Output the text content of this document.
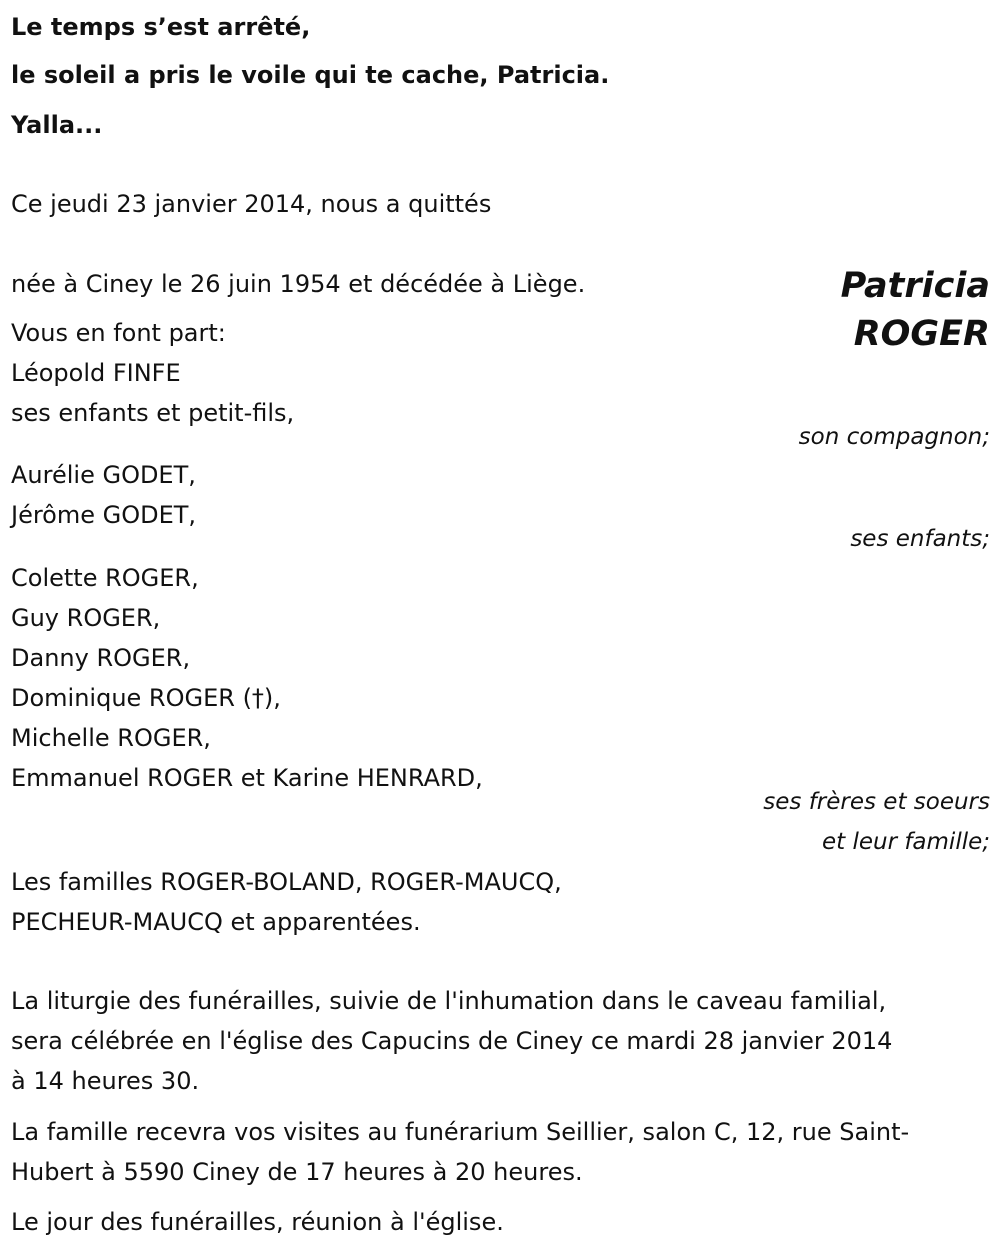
Le temps s’est arrêté,
le soleil a pris le voile qui te cache, Patricia.
Yalla...
Ce jeudi 23 janvier 2014, nous a quittés
née à Ciney le 26 juin 1954 et décédée à Liège.	Patricia
ROGER
Vous en font part:
Léopold FINFE
ses enfants et petit-fils,
son compagnon;
Aurélie GODET,
Jérôme GODET,
ses enfants;
Colette ROGER,
Guy ROGER,
Danny ROGER,
Dominique ROGER (†),
Michelle ROGER,
Emmanuel ROGER et Karine HENRARD,
ses frères et soeurs
et leur famille;
Les familles ROGER-BOLAND, ROGER-MAUCQ,
PECHEUR-MAUCQ et apparentées.
La liturgie des funérailles, suivie de l'inhumation dans le caveau familial,
sera célébrée en l'église des Capucins de Ciney ce mardi 28 janvier 2014
à 14 heures 30.
La famille recevra vos visites au funérarium Seillier, salon C, 12, rue Saint-
Hubert à 5590 Ciney de 17 heures à 20 heures.
Le jour des funérailles, réunion à l'église.
